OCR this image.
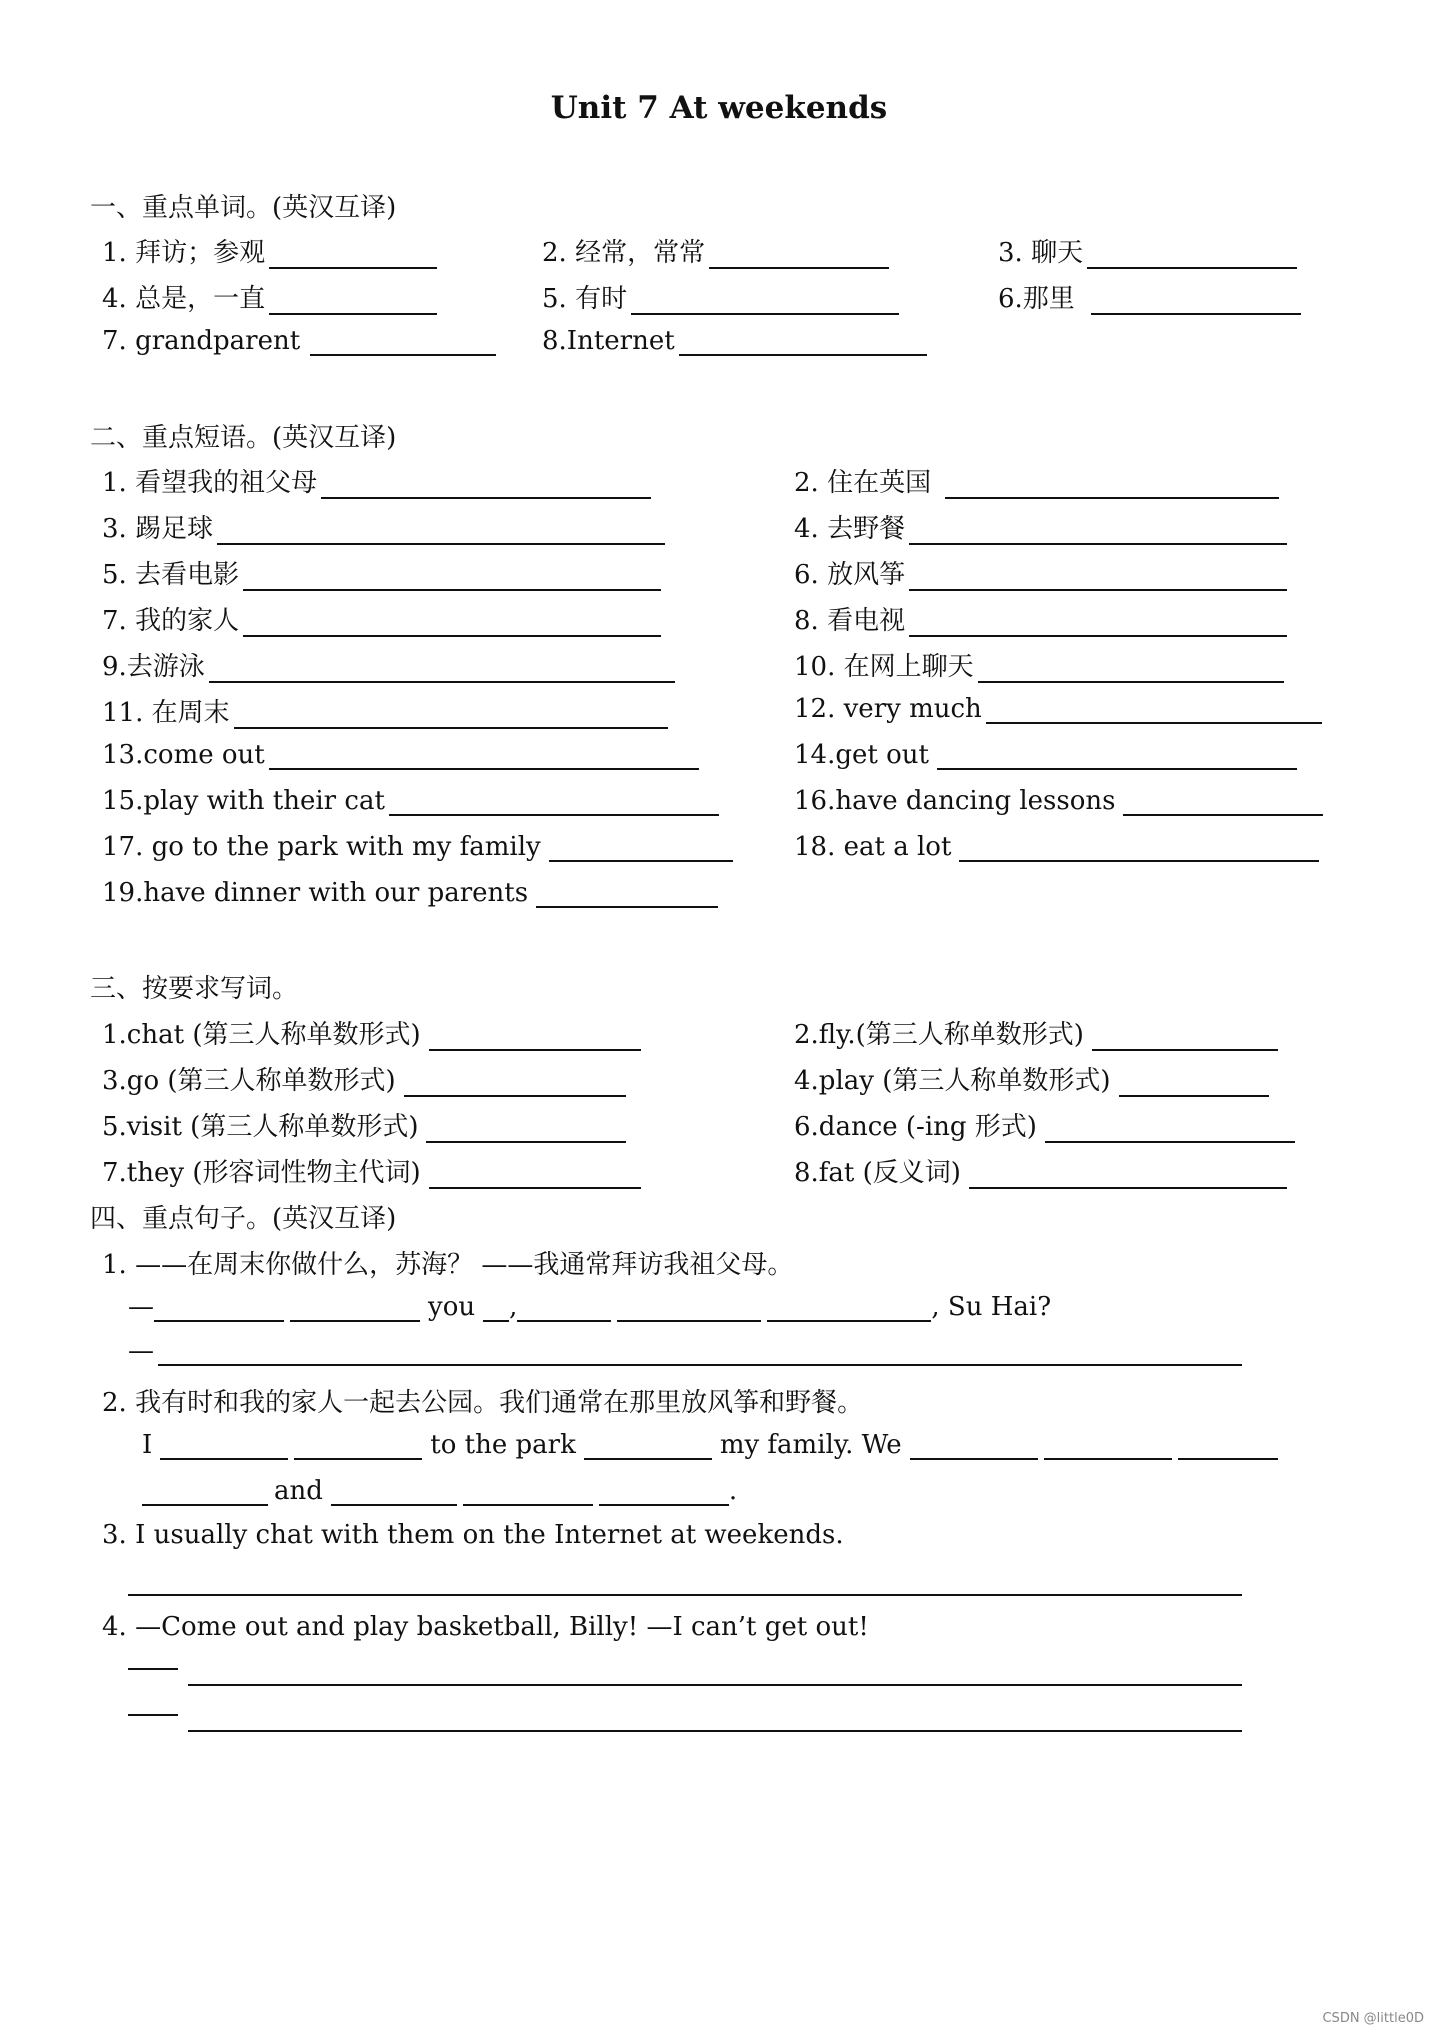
Unit 7 At weekends
一、重点单词。(英汉互译)
1. 拜访；参观	2. 经常，常常	3. 聊天
4. 总是，一直	5. 有时	6.那里
7. grandparent	8.Internet
二、重点短语。(英汉互译)
1. 看望我的祖父母	2. 住在英国
3. 踢足球	4. 去野餐
5. 去看电影	6. 放风筝
7. 我的家人	8. 看电视
9.去游泳	10. 在网上聊天
11. 在周末	12. very much
13.come out	14.get out
15.play with their cat	16.have dancing lessons
17. go to the park with my family	18. eat a lot
19.have dinner with our parents
三、按要求写词。
1.chat (第三人称单数形式)	2.fly.(第三人称单数形式)
3.go (第三人称单数形式)	4.play (第三人称单数形式)
5.visit (第三人称单数形式)	6.dance (-ing 形式)
7.they (形容词性物主代词)	8.fat (反义词)
四、重点句子。(英汉互译)
1. ——在周末你做什么，苏海？ ——我通常拜访我祖父母。
—	you ,	, Su Hai?
—
2. 我有时和我的家人一起去公园。我们通常在那里放风筝和野餐。
I	to the park	my family. We
and	.
3. I usually chat with them on the Internet at weekends.
4. —Come out and play basketball, Billy! —I can’t get out!
CSDN @little0D
